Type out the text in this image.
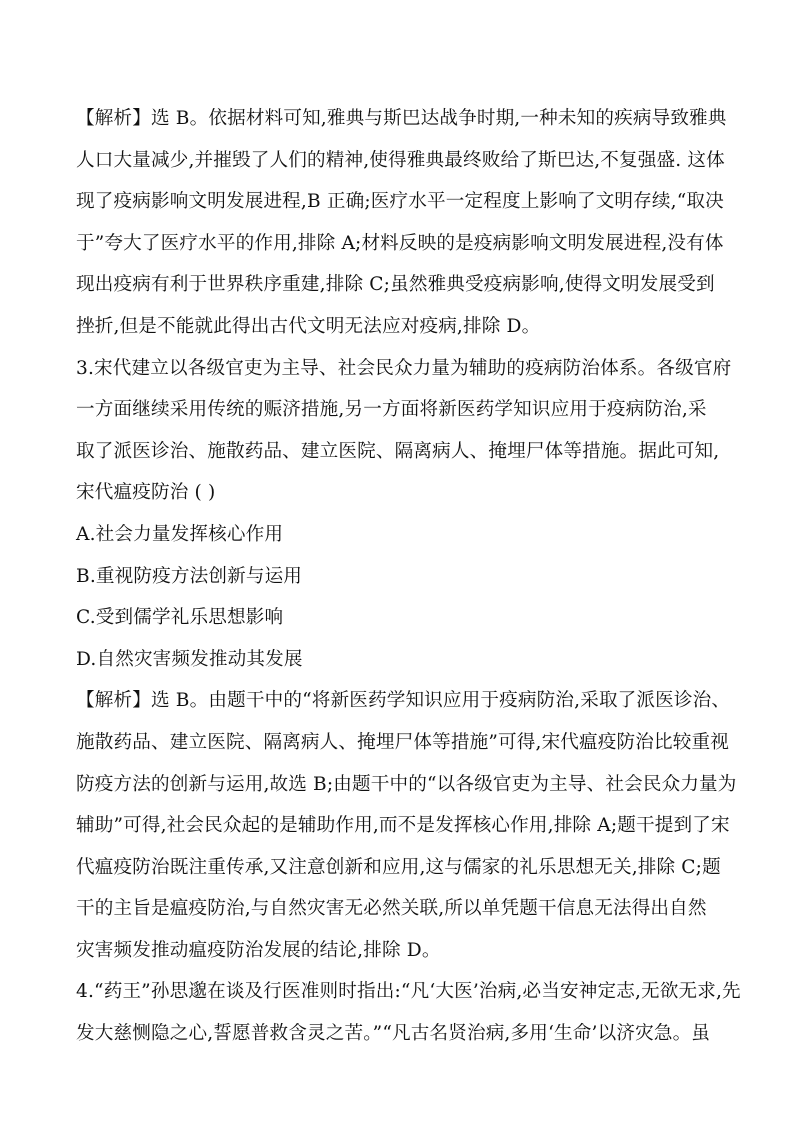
【解析】选 B。依据材料可知,雅典与斯巴达战争时期,一种未知的疾病导致雅典
人口大量减少,并摧毁了人们的精神,使得雅典最终败给了斯巴达,不复强盛. 这体
现了疫病影响文明发展进程,B 正确;医疗水平一定程度上影响了文明存续,“取决
于”夸大了医疗水平的作用,排除 A;材料反映的是疫病影响文明发展进程,没有体
现出疫病有利于世界秩序重建,排除 C;虽然雅典受疫病影响,使得文明发展受到
挫折,但是不能就此得出古代文明无法应对疫病,排除 D。
3.宋代建立以各级官吏为主导、社会民众力量为辅助的疫病防治体系。各级官府
一方面继续采用传统的赈济措施,另一方面将新医药学知识应用于疫病防治,采
取了派医诊治、施散药品、建立医院、隔离病人、掩埋尸体等措施。据此可知,
宋代瘟疫防治 ( )
A.社会力量发挥核心作用
B.重视防疫方法创新与运用
C.受到儒学礼乐思想影响
D.自然灾害频发推动其发展
【解析】选 B。由题干中的“将新医药学知识应用于疫病防治,采取了派医诊治、
施散药品、建立医院、隔离病人、掩埋尸体等措施”可得,宋代瘟疫防治比较重视
防疫方法的创新与运用,故选 B;由题干中的“以各级官吏为主导、社会民众力量为
辅助”可得,社会民众起的是辅助作用,而不是发挥核心作用,排除 A;题干提到了宋
代瘟疫防治既注重传承,又注意创新和应用,这与儒家的礼乐思想无关,排除 C;题
干的主旨是瘟疫防治,与自然灾害无必然关联,所以单凭题干信息无法得出自然
灾害频发推动瘟疫防治发展的结论,排除 D。
4.“药王”孙思邈在谈及行医准则时指出:“凡‘大医’治病,必当安神定志,无欲无求,先
发大慈恻隐之心,誓愿普救含灵之苦。”“凡古名贤治病,多用‘生命’以济灾急。虽
